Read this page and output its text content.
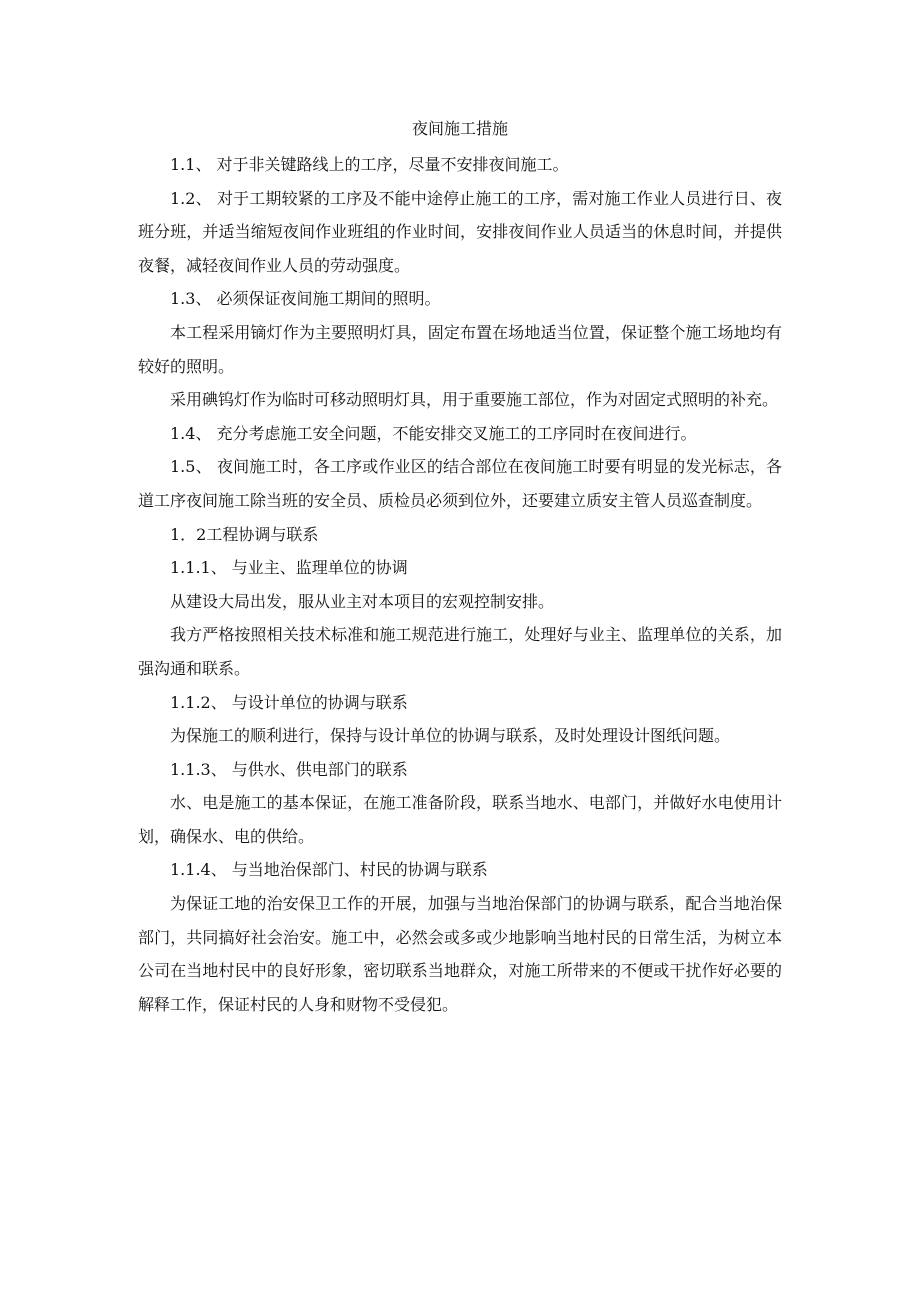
夜间施工措施

1.1、 对于非关键路线上的工序，尽量不安排夜间施工。

1.2、 对于工期较紧的工序及不能中途停止施工的工序，需对施工作业人员进行日、夜班分班，并适当缩短夜间作业班组的作业时间，安排夜间作业人员适当的休息时间，并提供夜餐，减轻夜间作业人员的劳动强度。

1.3、 必须保证夜间施工期间的照明。

本工程采用镝灯作为主要照明灯具，固定布置在场地适当位置，保证整个施工场地均有较好的照明。

采用碘钨灯作为临时可移动照明灯具，用于重要施工部位，作为对固定式照明的补充。

1.4、 充分考虑施工安全问题，不能安排交叉施工的工序同时在夜间进行。

1.5、 夜间施工时，各工序或作业区的结合部位在夜间施工时要有明显的发光标志，各道工序夜间施工除当班的安全员、质检员必须到位外，还要建立质安主管人员巡查制度。

1．2工程协调与联系

1.1.1、 与业主、监理单位的协调

从建设大局出发，服从业主对本项目的宏观控制安排。

我方严格按照相关技术标准和施工规范进行施工，处理好与业主、监理单位的关系，加强沟通和联系。

1.1.2、 与设计单位的协调与联系

为保施工的顺利进行，保持与设计单位的协调与联系，及时处理设计图纸问题。

1.1.3、 与供水、供电部门的联系

水、电是施工的基本保证，在施工准备阶段，联系当地水、电部门，并做好水电使用计划，确保水、电的供给。

1.1.4、 与当地治保部门、村民的协调与联系

为保证工地的治安保卫工作的开展，加强与当地治保部门的协调与联系，配合当地治保部门，共同搞好社会治安。施工中，必然会或多或少地影响当地村民的日常生活，为树立本公司在当地村民中的良好形象，密切联系当地群众，对施工所带来的不便或干扰作好必要的解释工作，保证村民的人身和财物不受侵犯。
